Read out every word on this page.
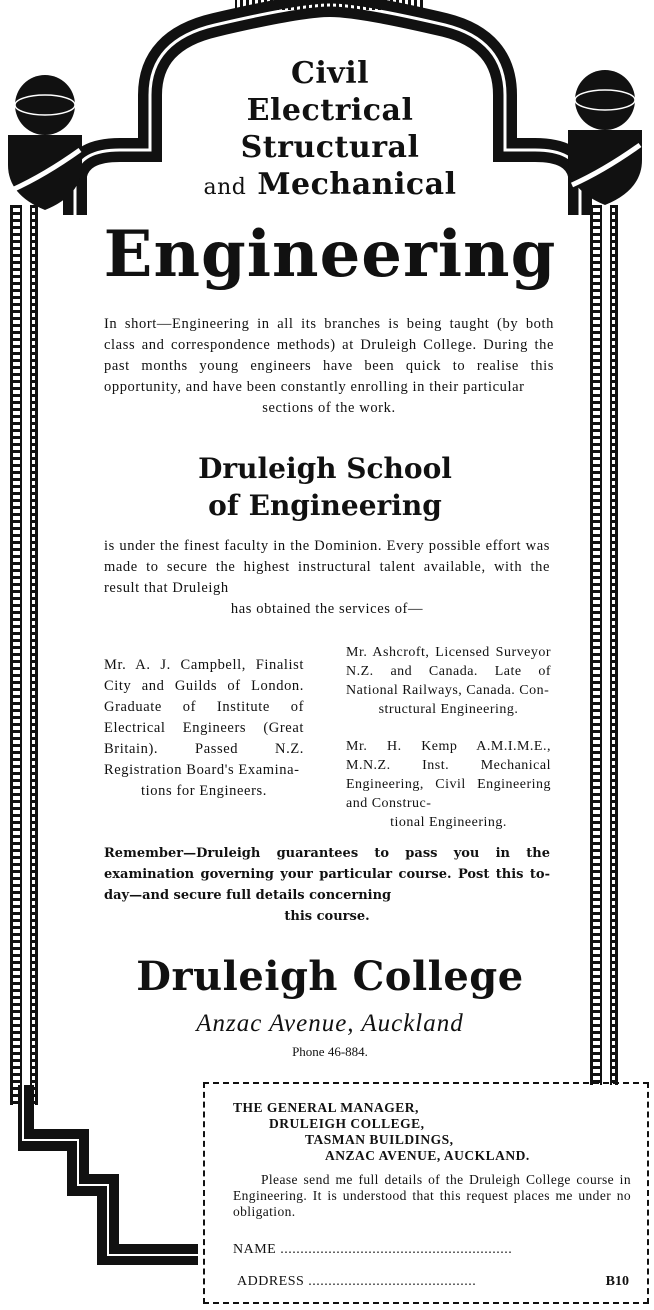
Civil
Electrical
Structural
and Mechanical
Engineering
In short—Engineering in all its branches is being taught (by both class and correspondence methods) at Druleigh College. During the past months young engineers have been quick to realise this opportunity, and have been constantly enrolling in their particular
sections of the work.
Druleigh School
of Engineering
is under the finest faculty in the Dominion. Every possible effort was made to secure the highest instructural talent available, with the result that Druleigh
has obtained the services of—
Mr. A. J. Campbell, Finalist City and Guilds of London. Graduate of Institute of Electrical Engineers (Great Britain). Passed N.Z. Registration Board's Examina-
tions for Engineers.
Mr. Ashcroft, Licensed Surveyor N.Z. and Canada. Late of National Railways, Canada. Con-
structural Engineering.
Mr. H. Kemp A.M.I.M.E., M.N.Z. Inst. Mechanical Engineering, Civil Engineering and Construc-
tional Engineering.
Remember—Druleigh guarantees to pass you in the examination governing your particular course. Post this to-day—and secure full details concerning
this course.
Druleigh College
Anzac Avenue, Auckland
Phone 46-884.
THE GENERAL MANAGER,
DRULEIGH COLLEGE,
TASMAN BUILDINGS,
ANZAC AVENUE, AUCKLAND.
Please send me full details of the Druleigh College course in Engineering. It is understood that this request places me under no obligation.
NAME ..........................................................
ADDRESS ..........................................	B10
